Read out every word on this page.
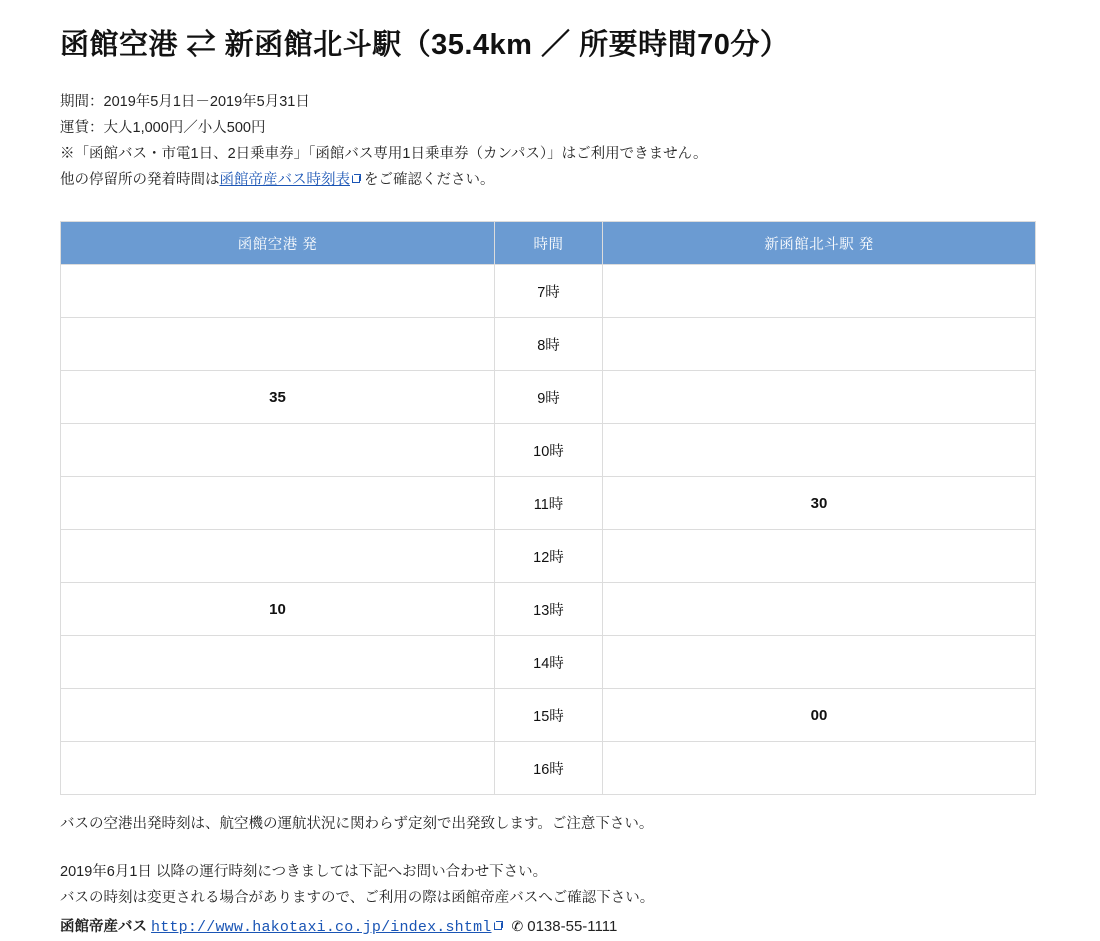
函館空港 ⇄ 新函館北斗駅（35.4km ／ 所要時間70分）
期間：2019年5月1日－2019年5月31日
運賃：大人1,000円／小人500円
※「函館バス・市電1日、2日乗車券」「函館バス専用1日乗車券（カンパス）」はご利用できません。
他の停留所の発着時間は函館帝産バス時刻表 をご確認ください。
函館空港 発	時間	新函館北斗駅 発
	7時	
	8時	
35	9時	
	10時	
	11時	30
	12時	
10	13時	
	14時	
	15時	00
	16時	
バスの空港出発時刻は、航空機の運航状況に関わらず定刻で出発致します。ご注意下さい。
2019年6月1日 以降の運行時刻につきましては下記へお問い合わせ下さい。
バスの時刻は変更される場合がありますので、ご利用の際は函館帝産バスへご確認下さい。
函館帝産バス http://www.hakotaxi.co.jp/index.shtml ✆ 0138-55-1111
